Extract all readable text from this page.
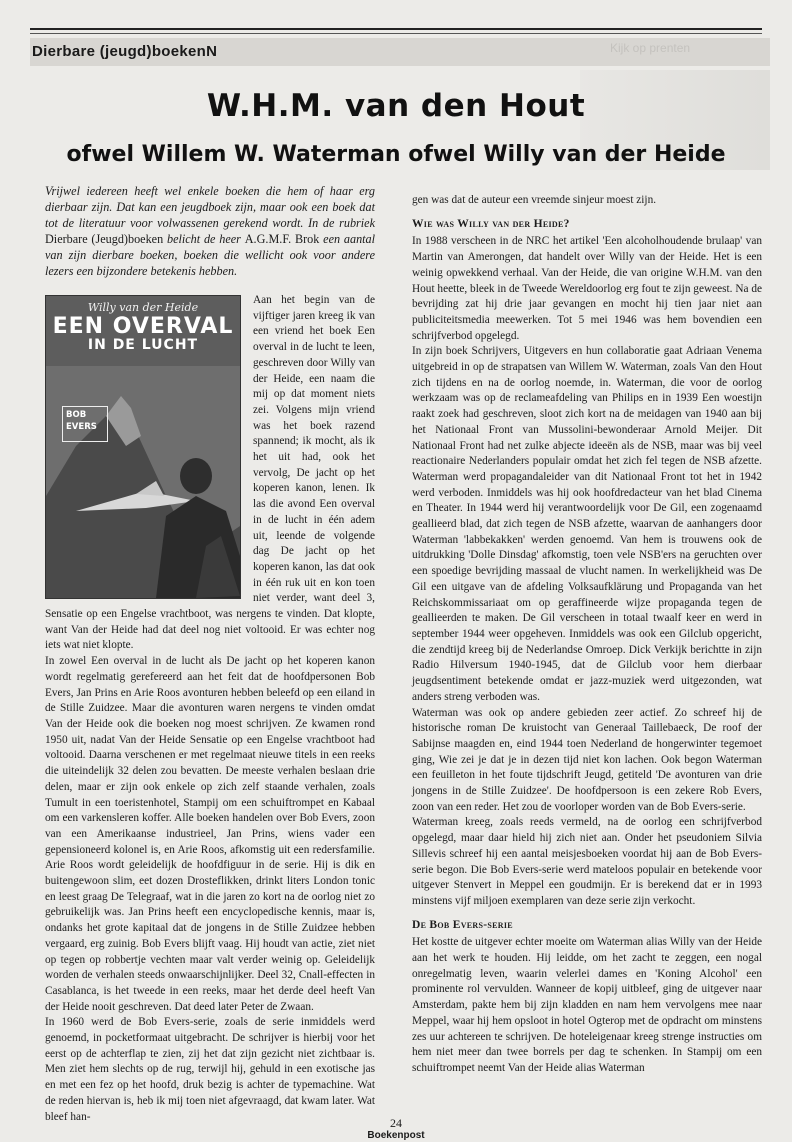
Dierbare (jeugd)boekenN	Kijk op prenten
W.H.M. van den Hout
ofwel Willem W. Waterman ofwel Willy van der Heide

Vrijwel iedereen heeft wel enkele boeken die hem of haar erg dierbaar zijn. Dat kan een jeugdboek zijn, maar ook een boek dat tot de literatuur voor volwassenen gerekend wordt. In de rubriek Dierbare (Jeugd)boeken belicht de heer A.G.M.F. Brok een aantal van zijn dierbare boeken, boeken die wellicht ook voor andere lezers een bijzondere betekenis hebben.

Willy van der Heide
EEN OVERVAL
IN DE LUCHT
BOB EVERS

Aan het begin van de vijftiger jaren kreeg ik van een vriend het boek Een overval in de lucht te leen, geschreven door Willy van der Heide, een naam die mij op dat moment niets zei. Volgens mijn vriend was het boek razend spannend; ik mocht, als ik het uit had, ook het vervolg, De jacht op het koperen kanon, lenen. Ik las die avond Een overval in de lucht in één adem uit, leende de volgende dag De jacht op het koperen kanon, las dat ook in één ruk uit en kon toen niet verder, want deel 3, Sensatie op een Engelse vrachtboot, was nergens te vinden. Dat klopte, want Van der Heide had dat deel nog niet voltooid. Er was echter nog iets wat niet klopte.

In zowel Een overval in de lucht als De jacht op het koperen kanon wordt regelmatig gerefereerd aan het feit dat de hoofdpersonen Bob Evers, Jan Prins en Arie Roos avonturen hebben beleefd op een eiland in de Stille Zuidzee. Maar die avonturen waren nergens te vinden omdat Van der Heide ook die boeken nog moest schrijven. Ze kwamen rond 1950 uit, nadat Van der Heide Sensatie op een Engelse vrachtboot had voltooid. Daarna verschenen er met regelmaat nieuwe titels in een reeks die uiteindelijk 32 delen zou bevatten. De meeste verhalen beslaan drie delen, maar er zijn ook enkele op zich zelf staande verhalen, zoals Tumult in een toeristenhotel, Stampij om een schuiftrompet en Kabaal om een varkensleren koffer. Alle boeken handelen over Bob Evers, zoon van een Amerikaanse industrieel, Jan Prins, wiens vader een gepensioneerd kolonel is, en Arie Roos, afkomstig uit een redersfamilie. Arie Roos wordt geleidelijk de hoofdfiguur in de serie. Hij is dik en buitengewoon slim, eet dozen Drosteflikken, drinkt liters London tonic en leest graag De Telegraaf, wat in die jaren zo kort na de oorlog niet zo gebruikelijk was. Jan Prins heeft een encyclopedische kennis, maar is, ondanks het grote kapitaal dat de jongens in de Stille Zuidzee hebben vergaard, erg zuinig. Bob Evers blijft vaag. Hij houdt van actie, ziet niet op tegen op robbertje vechten maar valt verder weinig op. Geleidelijk worden de verhalen steeds onwaarschijnlijker. Deel 32, Cnall-effecten in Casablanca, is het tweede in een reeks, maar het derde deel heeft Van der Heide nooit geschreven. Dat deed later Peter de Zwaan.

In 1960 werd de Bob Evers-serie, zoals de serie inmiddels werd genoemd, in pocketformaat uitgebracht. De schrijver is hierbij voor het eerst op de achterflap te zien, zij het dat zijn gezicht niet zichtbaar is. Men ziet hem slechts op de rug, terwijl hij, gehuld in een exotische jas en met een fez op het hoofd, druk bezig is achter de typemachine. Wat de reden hiervan is, heb ik mij toen niet afgevraagd, dat kwam later. Wat bleef han-

gen was dat de auteur een vreemde sinjeur moest zijn.

Wie was Willy van der Heide?

In 1988 verscheen in de NRC het artikel 'Een alcoholhoudende brulaap' van Martin van Amerongen, dat handelt over Willy van der Heide. Het is een weinig opwekkend verhaal. Van der Heide, die van origine W.H.M. van den Hout heette, bleek in de Tweede Wereldoorlog erg fout te zijn geweest. Na de bevrijding zat hij drie jaar gevangen en mocht hij tien jaar niet aan publiciteitsmedia meewerken. Tot 5 mei 1946 was hem bovendien een schrijfverbod opgelegd.

In zijn boek Schrijvers, Uitgevers en hun collaboratie gaat Adriaan Venema uitgebreid in op de strapatsen van Willem W. Waterman, zoals Van den Hout zich tijdens en na de oorlog noemde, in. Waterman, die voor de oorlog werkzaam was op de reclameafdeling van Philips en in 1939 Een woestijn raakt zoek had geschreven, sloot zich kort na de meidagen van 1940 aan bij het Nationaal Front van Mussolini-bewonderaar Arnold Meijer. Dit Nationaal Front had net zulke abjecte ideeën als de NSB, maar was bij veel reactionaire Nederlanders populair omdat het zich fel tegen de NSB afzette. Waterman werd propagandaleider van dit Nationaal Front tot het in 1942 werd verboden. Inmiddels was hij ook hoofdredacteur van het blad Cinema en Theater. In 1944 werd hij verantwoordelijk voor De Gil, een zogenaamd geallieerd blad, dat zich tegen de NSB afzette, waarvan de aanhangers door Waterman 'labbekakken' werden genoemd. Van hem is trouwens ook de uitdrukking 'Dolle Dinsdag' afkomstig, toen vele NSB'ers na geruchten over een spoedige bevrijding massaal de vlucht namen. In werkelijkheid was De Gil een uitgave van de afdeling Volksaufklärung und Propaganda van het Reichskommissariaat om op geraffineerde wijze propaganda tegen de geallieerden te maken. De Gil verscheen in totaal twaalf keer en werd in september 1944 weer opgeheven. Inmiddels was ook een Gilclub opgericht, die zendtijd kreeg bij de Nederlandse Omroep. Dick Verkijk berichtte in zijn Radio Hilversum 1940-1945, dat de Gilclub voor hem dierbaar jeugdsentiment betekende omdat er jazz-muziek werd uitgezonden, wat anders streng verboden was.

Waterman was ook op andere gebieden zeer actief. Zo schreef hij de historische roman De kruistocht van Generaal Taillebaeck, De roof der Sabijnse maagden en, eind 1944 toen Nederland de hongerwinter tegemoet ging, Wie zei je dat je in dezen tijd niet kon lachen. Ook begon Waterman een feuilleton in het foute tijdschrift Jeugd, getiteld 'De avonturen van drie jongens in de Stille Zuidzee'. De hoofdpersoon is een zekere Rob Evers, zoon van een reder. Het zou de voorloper worden van de Bob Evers-serie.

Waterman kreeg, zoals reeds vermeld, na de oorlog een schrijfverbod opgelegd, maar daar hield hij zich niet aan. Onder het pseudoniem Silvia Sillevis schreef hij een aantal meisjesboeken voordat hij aan de Bob Evers-serie begon. Die Bob Evers-serie werd mateloos populair en betekende voor uitgever Stenvert in Meppel een goudmijn. Er is berekend dat er in 1993 minstens vijf miljoen exemplaren van deze serie zijn verkocht.

De Bob Evers-serie

Het kostte de uitgever echter moeite om Waterman alias Willy van der Heide aan het werk te houden. Hij leidde, om het zacht te zeggen, een nogal onregelmatig leven, waarin velerlei dames en 'Koning Alcohol' een prominente rol vervulden. Wanneer de kopij uitbleef, ging de uitgever naar Amsterdam, pakte hem bij zijn kladden en nam hem vervolgens mee naar Meppel, waar hij hem opsloot in hotel Ogterop met de opdracht om minstens zes uur achtereen te schrijven. De hoteleigenaar kreeg strenge instructies om hem niet meer dan twee borrels per dag te schenken. In Stampij om een schuiftrompet neemt Van der Heide alias Waterman

24
Boekenpost
